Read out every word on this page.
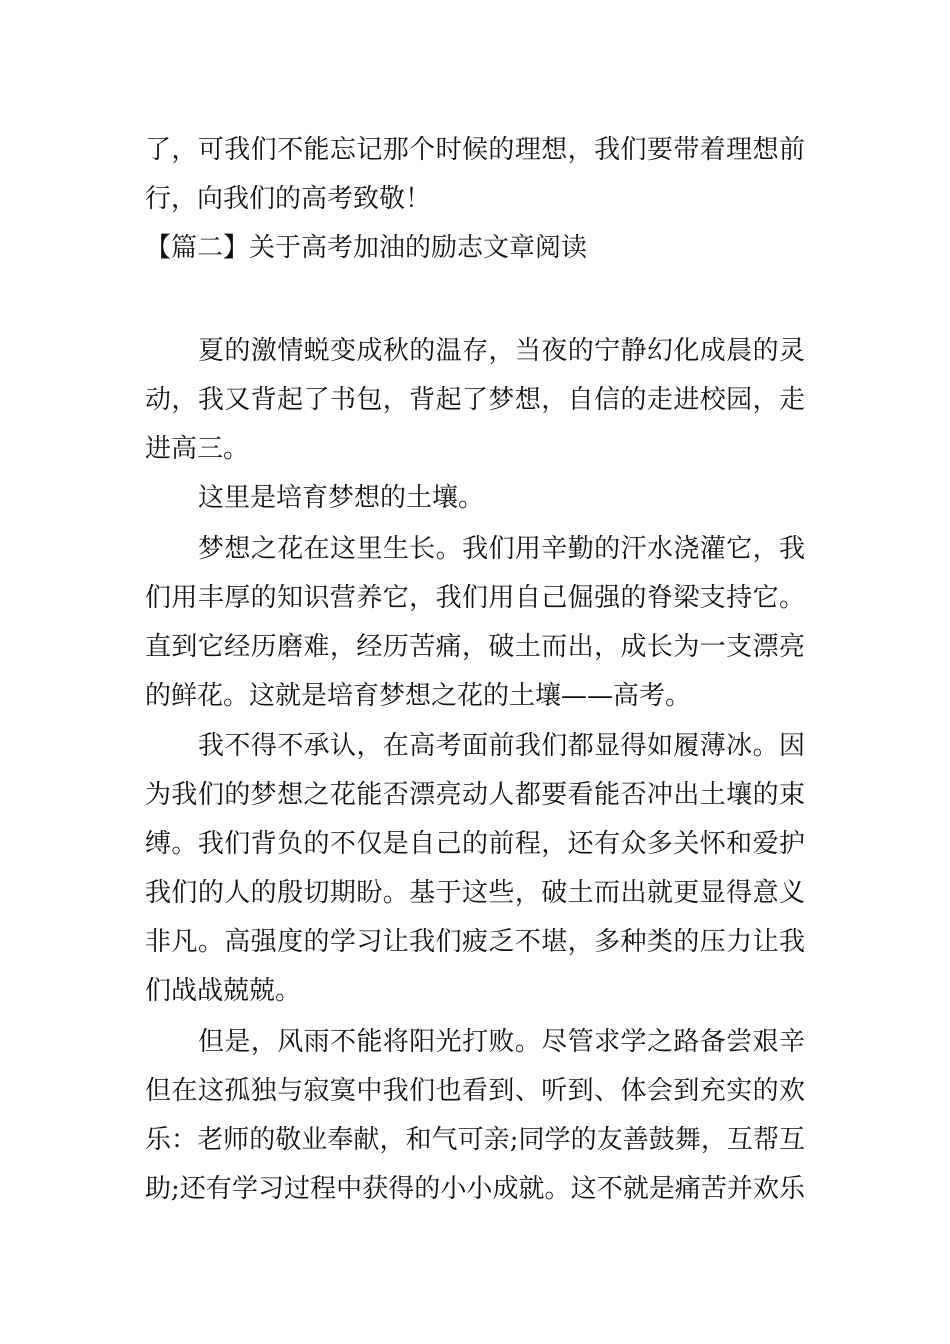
了，可我们不能忘记那个时候的理想，我们要带着理想前
行，向我们的高考致敬！
【篇二】关于高考加油的励志文章阅读
夏的激情蜕变成秋的温存，当夜的宁静幻化成晨的灵
动，我又背起了书包，背起了梦想，自信的走进校园，走
进高三。
这里是培育梦想的土壤。
梦想之花在这里生长。我们用辛勤的汗水浇灌它，我
们用丰厚的知识营养它，我们用自己倔强的脊梁支持它。
直到它经历磨难，经历苦痛，破土而出，成长为一支漂亮
的鲜花。这就是培育梦想之花的土壤——高考。
我不得不承认，在高考面前我们都显得如履薄冰。因
为我们的梦想之花能否漂亮动人都要看能否冲出土壤的束
缚。我们背负的不仅是自己的前程，还有众多关怀和爱护
我们的人的殷切期盼。基于这些，破土而出就更显得意义
非凡。高强度的学习让我们疲乏不堪，多种类的压力让我
们战战兢兢。
但是，风雨不能将阳光打败。尽管求学之路备尝艰辛
但在这孤独与寂寞中我们也看到、听到、体会到充实的欢
乐：老师的敬业奉献，和气可亲;同学的友善鼓舞，互帮互
助;还有学习过程中获得的小小成就。这不就是痛苦并欢乐
